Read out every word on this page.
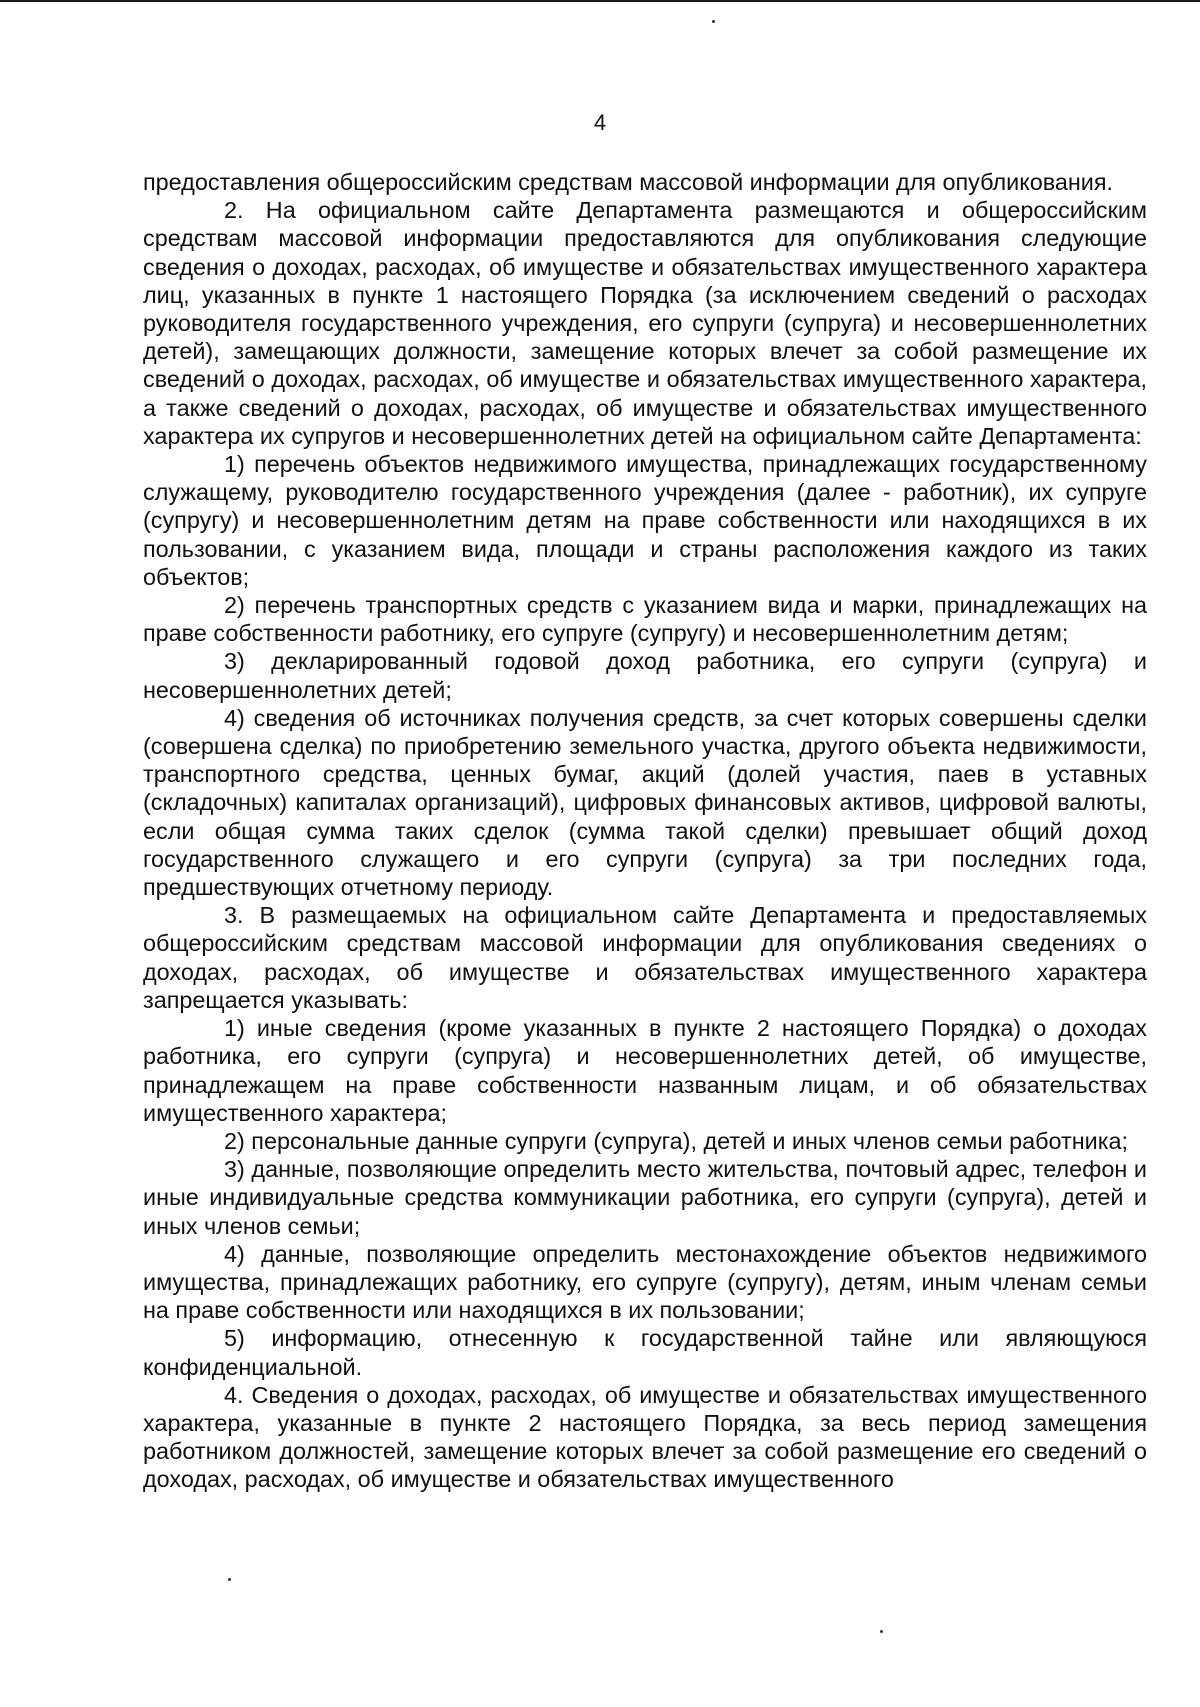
4

предоставления общероссийским средствам массовой информации для опубликования.

2. На официальном сайте Департамента размещаются и общероссийским средствам массовой информации предоставляются для опубликования следующие сведения о доходах, расходах, об имуществе и обязательствах имущественного характера лиц, указанных в пункте 1 настоящего Порядка (за исключением сведений о расходах руководителя государственного учреждения, его супруги (супруга) и несовершеннолетних детей), замещающих должности, замещение которых влечет за собой размещение их сведений о доходах, расходах, об имуществе и обязательствах имущественного характера, а также сведений о доходах, расходах, об имуществе и обязательствах имущественного характера их супругов и несовершеннолетних детей на официальном сайте Департамента:

1) перечень объектов недвижимого имущества, принадлежащих государственному служащему, руководителю государственного учреждения (далее - работник), их супруге (супругу) и несовершеннолетним детям на праве собственности или находящихся в их пользовании, с указанием вида, площади и страны расположения каждого из таких объектов;

2) перечень транспортных средств с указанием вида и марки, принадлежащих на праве собственности работнику, его супруге (супругу) и несовершеннолетним детям;

3) декларированный годовой доход работника, его супруги (супруга) и несовершеннолетних детей;

4) сведения об источниках получения средств, за счет которых совершены сделки (совершена сделка) по приобретению земельного участка, другого объекта недвижимости, транспортного средства, ценных бумаг, акций (долей участия, паев в уставных (складочных) капиталах организаций), цифровых финансовых активов, цифровой валюты, если общая сумма таких сделок (сумма такой сделки) превышает общий доход государственного служащего и его супруги (супруга) за три последних года, предшествующих отчетному периоду.

3. В размещаемых на официальном сайте Департамента и предоставляемых общероссийским средствам массовой информации для опубликования сведениях о доходах, расходах, об имуществе и обязательствах имущественного характера запрещается указывать:

1) иные сведения (кроме указанных в пункте 2 настоящего Порядка) о доходах работника, его супруги (супруга) и несовершеннолетних детей, об имуществе, принадлежащем на праве собственности названным лицам, и об обязательствах имущественного характера;

2) персональные данные супруги (супруга), детей и иных членов семьи работника;

3) данные, позволяющие определить место жительства, почтовый адрес, телефон и иные индивидуальные средства коммуникации работника, его супруги (супруга), детей и иных членов семьи;

4) данные, позволяющие определить местонахождение объектов недвижимого имущества, принадлежащих работнику, его супруге (супругу), детям, иным членам семьи на праве собственности или находящихся в их пользовании;

5) информацию, отнесенную к государственной тайне или являющуюся конфиденциальной.

4. Сведения о доходах, расходах, об имуществе и обязательствах имущественного характера, указанные в пункте 2 настоящего Порядка, за весь период замещения работником должностей, замещение которых влечет за собой размещение его сведений о доходах, расходах, об имуществе и обязательствах имущественного
